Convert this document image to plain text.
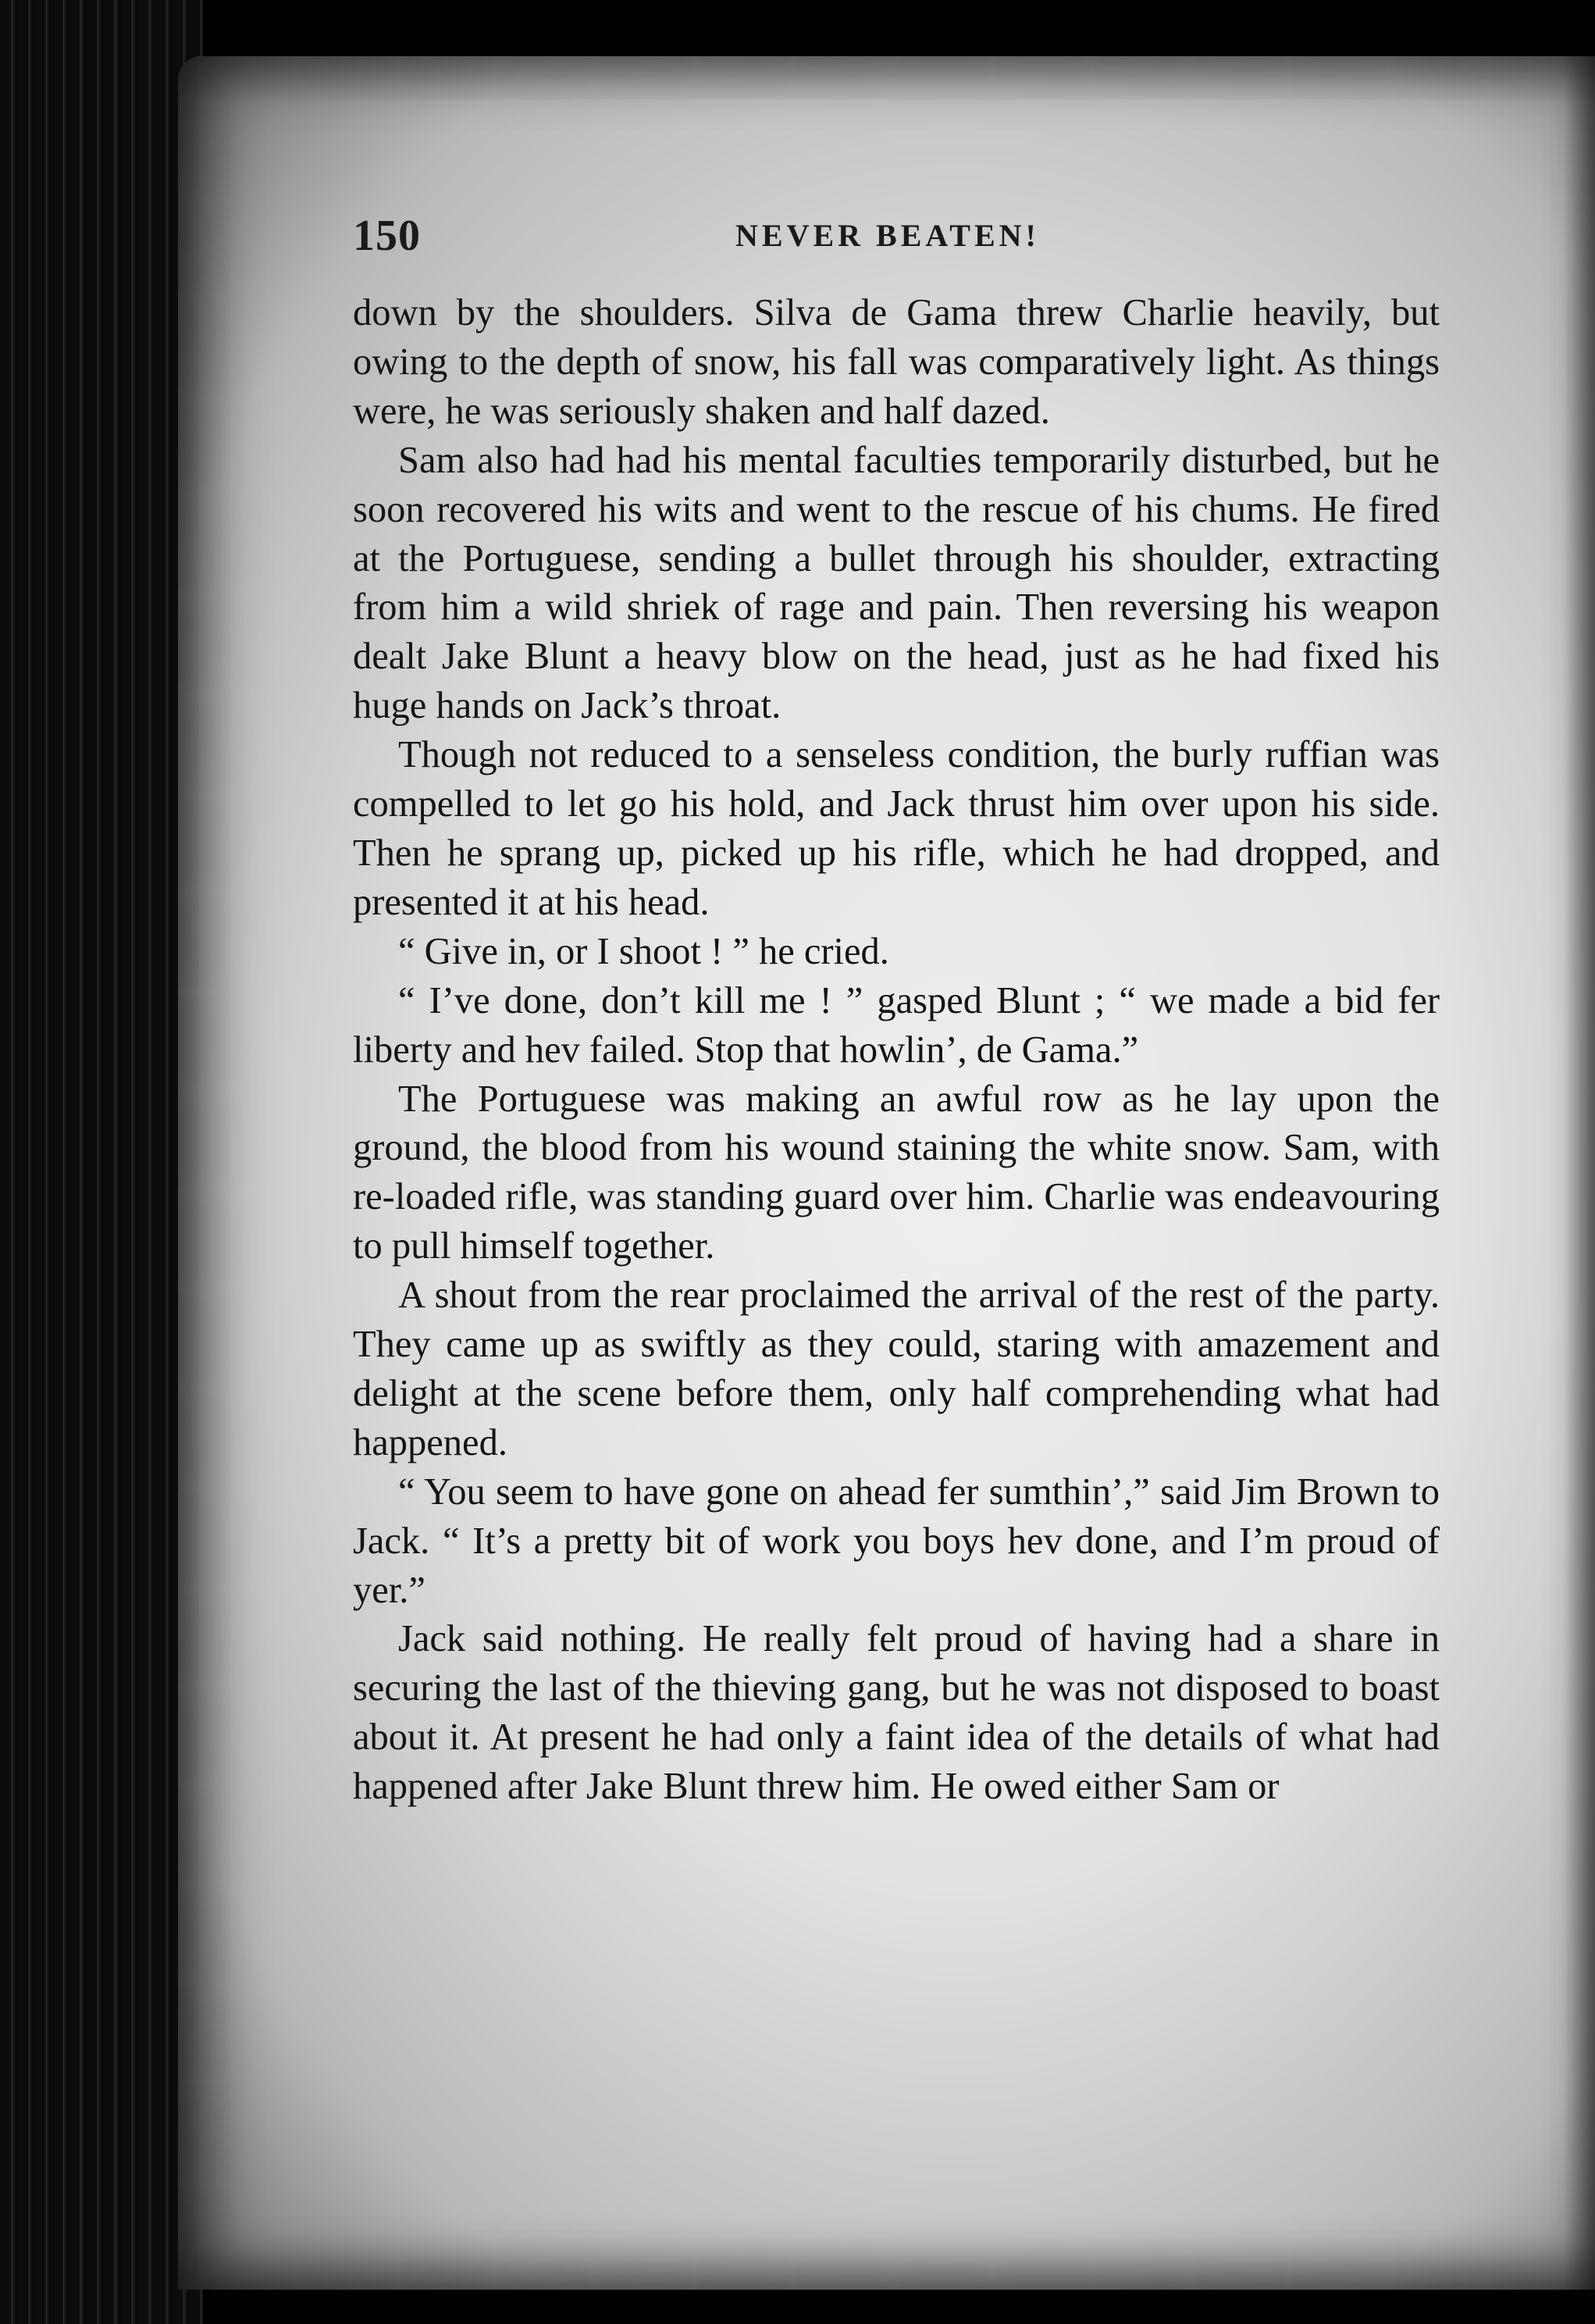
150	NEVER BEATEN!

down by the shoulders. Silva de Gama threw Charlie heavily, but owing to the depth of snow, his fall was comparatively light. As things were, he was seriously shaken and half dazed.

Sam also had had his mental faculties temporarily disturbed, but he soon recovered his wits and went to the rescue of his chums. He fired at the Portuguese, sending a bullet through his shoulder, extracting from him a wild shriek of rage and pain. Then reversing his weapon dealt Jake Blunt a heavy blow on the head, just as he had fixed his huge hands on Jack’s throat.

Though not reduced to a senseless condition, the burly ruffian was compelled to let go his hold, and Jack thrust him over upon his side. Then he sprang up, picked up his rifle, which he had dropped, and presented it at his head.

“ Give in, or I shoot ! ” he cried.

“ I’ve done, don’t kill me ! ” gasped Blunt ; “ we made a bid fer liberty and hev failed. Stop that howlin’, de Gama.”

The Portuguese was making an awful row as he lay upon the ground, the blood from his wound staining the white snow. Sam, with re-loaded rifle, was standing guard over him. Charlie was endeavouring to pull himself together.

A shout from the rear proclaimed the arrival of the rest of the party. They came up as swiftly as they could, staring with amazement and delight at the scene before them, only half comprehending what had happened.

“ You seem to have gone on ahead fer sumthin’,” said Jim Brown to Jack. “ It’s a pretty bit of work you boys hev done, and I’m proud of yer.”

Jack said nothing. He really felt proud of having had a share in securing the last of the thieving gang, but he was not disposed to boast about it. At present he had only a faint idea of the details of what had happened after Jake Blunt threw him. He owed either Sam or
